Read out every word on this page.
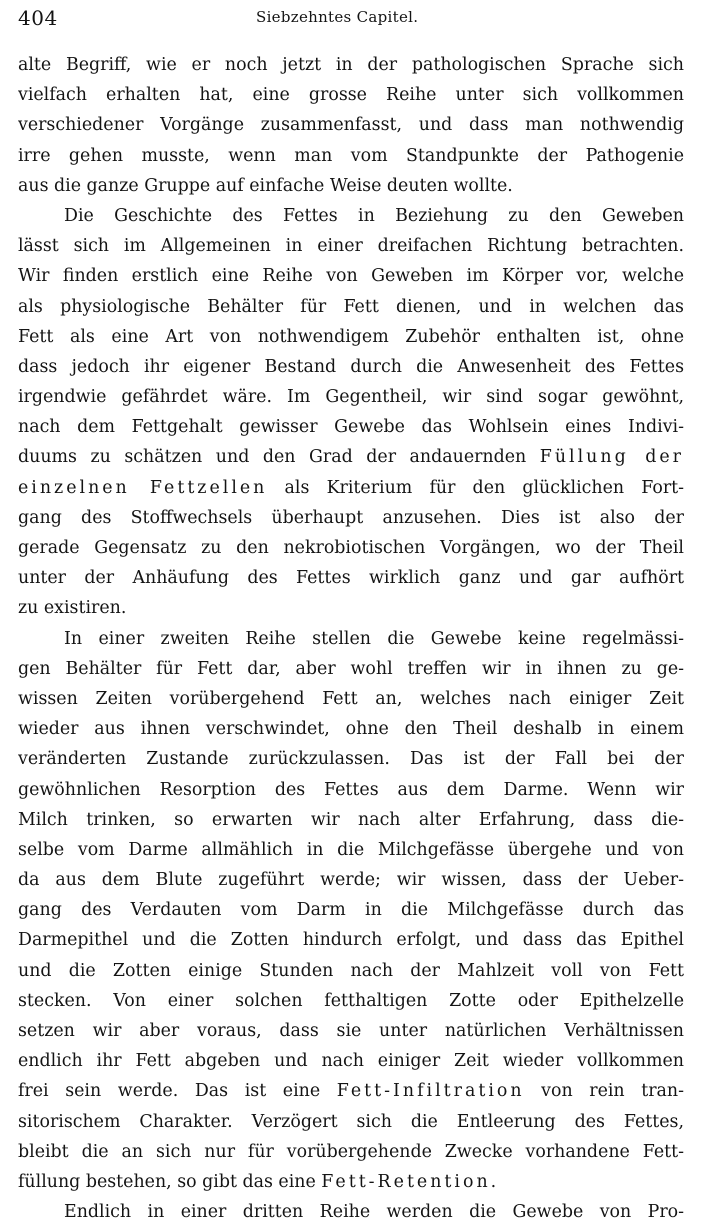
404	Siebzehntes Capitel.
alte Begriff, wie er noch jetzt in der pathologischen Sprache sich
vielfach erhalten hat, eine grosse Reihe unter sich vollkommen
verschiedener Vorgänge zusammenfasst, und dass man nothwendig
irre gehen musste, wenn man vom Standpunkte der Pathogenie
aus die ganze Gruppe auf einfache Weise deuten wollte.
Die Geschichte des Fettes in Beziehung zu den Geweben
lässt sich im Allgemeinen in einer dreifachen Richtung betrachten.
Wir finden erstlich eine Reihe von Geweben im Körper vor, welche
als physiologische Behälter für Fett dienen, und in welchen das
Fett als eine Art von nothwendigem Zubehör enthalten ist, ohne
dass jedoch ihr eigener Bestand durch die Anwesenheit des Fettes
irgendwie gefährdet wäre. Im Gegentheil, wir sind sogar gewöhnt,
nach dem Fettgehalt gewisser Gewebe das Wohlsein eines Indivi-
duums zu schätzen und den Grad der andauernden Füllung der
einzelnen Fettzellen als Kriterium für den glücklichen Fort-
gang des Stoffwechsels überhaupt anzusehen. Dies ist also der
gerade Gegensatz zu den nekrobiotischen Vorgängen, wo der Theil
unter der Anhäufung des Fettes wirklich ganz und gar aufhört
zu existiren.
In einer zweiten Reihe stellen die Gewebe keine regelmässi-
gen Behälter für Fett dar, aber wohl treffen wir in ihnen zu ge-
wissen Zeiten vorübergehend Fett an, welches nach einiger Zeit
wieder aus ihnen verschwindet, ohne den Theil deshalb in einem
veränderten Zustande zurückzulassen. Das ist der Fall bei der
gewöhnlichen Resorption des Fettes aus dem Darme. Wenn wir
Milch trinken, so erwarten wir nach alter Erfahrung, dass die-
selbe vom Darme allmählich in die Milchgefässe übergehe und von
da aus dem Blute zugeführt werde; wir wissen, dass der Ueber-
gang des Verdauten vom Darm in die Milchgefässe durch das
Darmepithel und die Zotten hindurch erfolgt, und dass das Epithel
und die Zotten einige Stunden nach der Mahlzeit voll von Fett
stecken. Von einer solchen fetthaltigen Zotte oder Epithelzelle
setzen wir aber voraus, dass sie unter natürlichen Verhältnissen
endlich ihr Fett abgeben und nach einiger Zeit wieder vollkommen
frei sein werde. Das ist eine Fett-Infiltration von rein tran-
sitorischem Charakter. Verzögert sich die Entleerung des Fettes,
bleibt die an sich nur für vorübergehende Zwecke vorhandene Fett-
füllung bestehen, so gibt das eine Fett-Retention.
Endlich in einer dritten Reihe werden die Gewebe von Pro-
